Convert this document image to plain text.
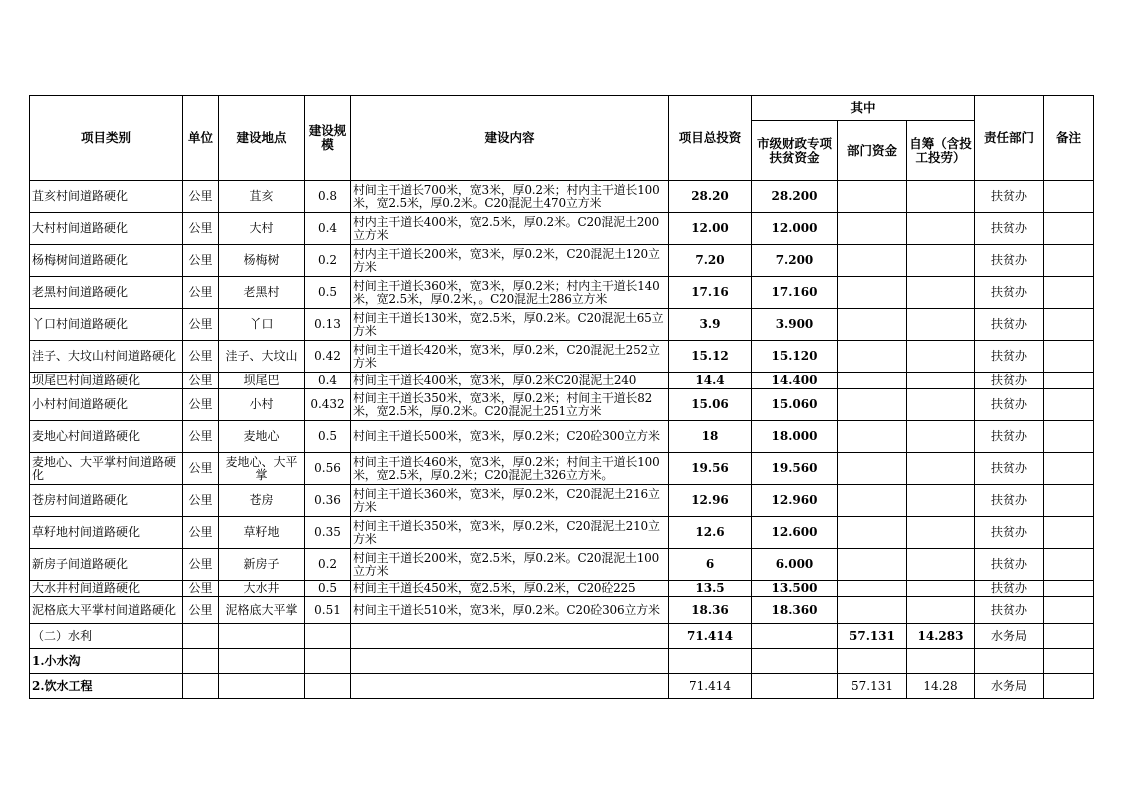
项目类别	单位	建设地点	建设规模	建设内容	项目总投资	其中			责任部门	备注
						市级财政专项扶贫资金	部门资金	自筹（含投工投劳）		
苴亥村间道路硬化	公里	苴亥	0.8	村间主干道长700米，宽3米，厚0.2米；村内主干道长100米，宽2.5米，厚0.2米。C20混泥土470立方米	28.20	28.200			扶贫办	
大村村间道路硬化	公里	大村	0.4	村内主干道长400米，宽2.5米，厚0.2米。C20混泥土200立方米	12.00	12.000			扶贫办	
杨梅树间道路硬化	公里	杨梅树	0.2	村内主干道长200米，宽3米，厚0.2米，C20混泥土120立方米	7.20	7.200			扶贫办	
老黑村间道路硬化	公里	老黑村	0.5	村间主干道长360米，宽3米，厚0.2米；村内主干道长140米，宽2.5米，厚0.2米，。C20混泥土286立方米	17.16	17.160			扶贫办	
丫口村间道路硬化	公里	丫口	0.13	村间主干道长130米，宽2.5米，厚0.2米。C20混泥土65立方米	3.9	3.900			扶贫办	
洼子、大坟山村间道路硬化	公里	洼子、大坟山	0.42	村间主干道长420米，宽3米，厚0.2米，C20混泥土252立方米	15.12	15.120			扶贫办	
坝尾巴村间道路硬化	公里	坝尾巴	0.4	村间主干道长400米，宽3米，厚0.2米C20混泥土240	14.4	14.400			扶贫办	
小村村间道路硬化	公里	小村	0.432	村间主干道长350米，宽3米，厚0.2米；村间主干道长82米，宽2.5米，厚0.2米。C20混泥土251立方米	15.06	15.060			扶贫办	
麦地心村间道路硬化	公里	麦地心	0.5	村间主干道长500米，宽3米，厚0.2米；C20砼300立方米	18	18.000			扶贫办	
麦地心、大平掌村间道路硬化	公里	麦地心、大平掌	0.56	村间主干道长460米，宽3米，厚0.2米；村间主干道长100米，宽2.5米，厚0.2米；C20混泥土326立方米。	19.56	19.560			扶贫办	
苍房村间道路硬化	公里	苍房	0.36	村间主干道长360米，宽3米，厚0.2米，C20混泥土216立方米	12.96	12.960			扶贫办	
草籽地村间道路硬化	公里	草籽地	0.35	村间主干道长350米，宽3米，厚0.2米，C20混泥土210立方米	12.6	12.600			扶贫办	
新房子间道路硬化	公里	新房子	0.2	村间主干道长200米，宽2.5米，厚0.2米。C20混泥土100立方米	6	6.000			扶贫办	
大水井村间道路硬化	公里	大水井	0.5	村间主干道长450米，宽2.5米，厚0.2米，C20砼225	13.5	13.500			扶贫办	
泥格底大平掌村间道路硬化	公里	泥格底大平掌	0.51	村间主干道长510米，宽3米，厚0.2米。C20砼306立方米	18.36	18.360			扶贫办	
（二）水利					71.414		57.131	14.283	水务局	
1.小水沟										
2.饮水工程					71.414		57.131	14.28	水务局	
